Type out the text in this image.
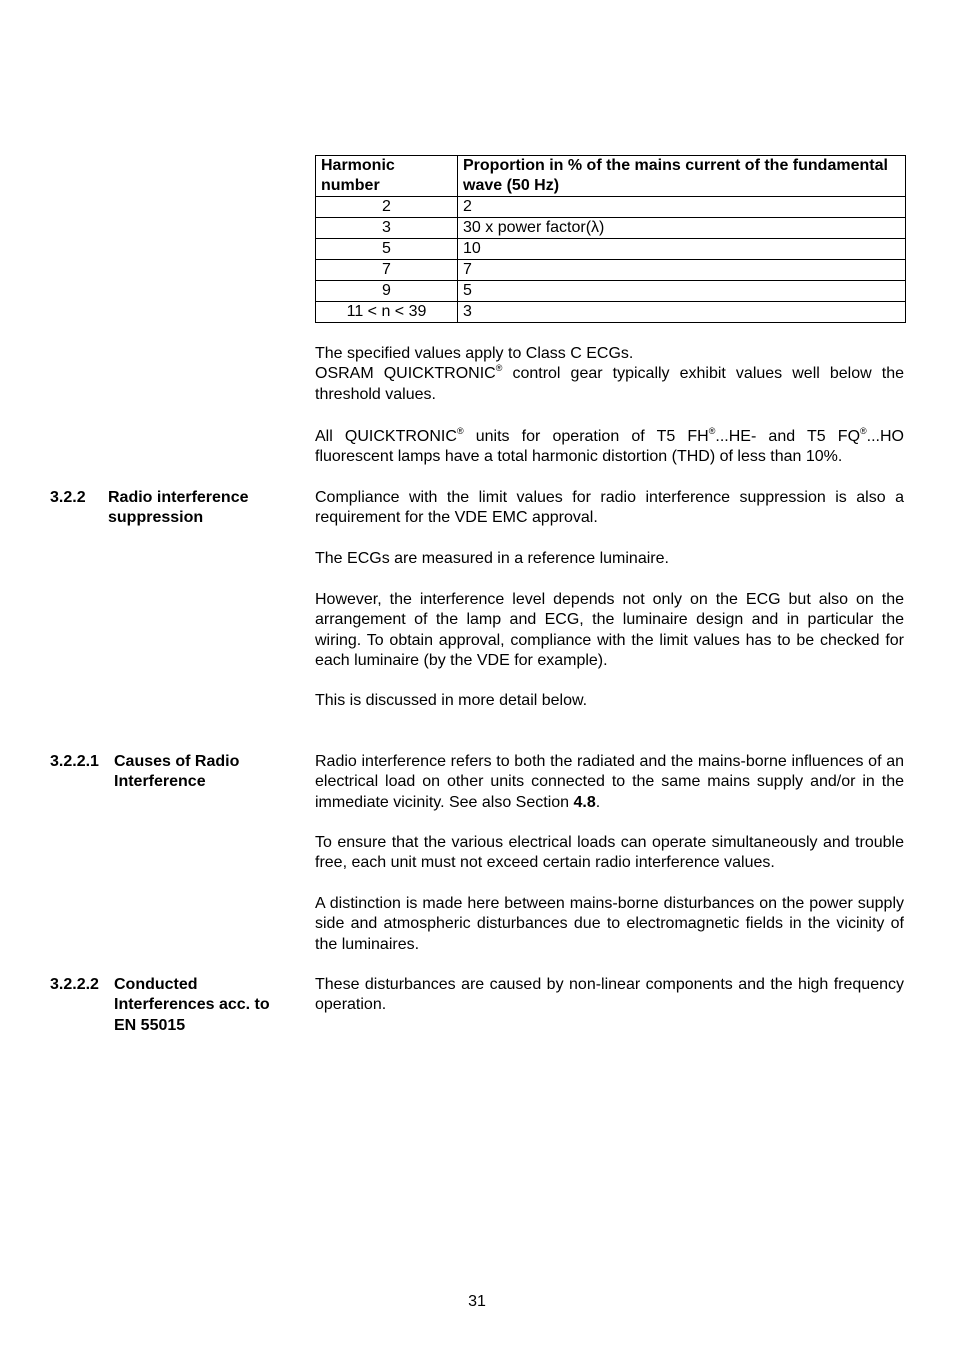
Harmonic number	Proportion in % of the mains current of the fundamental wave (50 Hz)
2	2
3	30 x power factor(λ)
5	10
7	7
9	5
11 < n < 39	3

The specified values apply to Class C ECGs.
OSRAM QUICKTRONIC® control gear typically exhibit values well below the threshold values.

All QUICKTRONIC® units for operation of T5 FH®...HE- and T5 FQ®...HO fluorescent lamps have a total harmonic distortion (THD) of less than 10%.

3.2.2 Radio interference suppression

Compliance with the limit values for radio interference suppression is also a requirement for the VDE EMC approval.

The ECGs are measured in a reference luminaire.

However, the interference level depends not only on the ECG but also on the arrangement of the lamp and ECG, the luminaire design and in particular the wiring. To obtain approval, compliance with the limit values has to be checked for each luminaire (by the VDE for example).

This is discussed in more detail below.

3.2.2.1 Causes of Radio Interference

Radio interference refers to both the radiated and the mains-borne influences of an electrical load on other units connected to the same mains supply and/or in the immediate vicinity. See also Section 4.8.

To ensure that the various electrical loads can operate simultaneously and trouble free, each unit must not exceed certain radio interference values.

A distinction is made here between mains-borne disturbances on the power supply side and atmospheric disturbances due to electromagnetic fields in the vicinity of the luminaires.

3.2.2.2 Conducted Interferences acc. to EN 55015

These disturbances are caused by non-linear components and the high frequency operation.

31
